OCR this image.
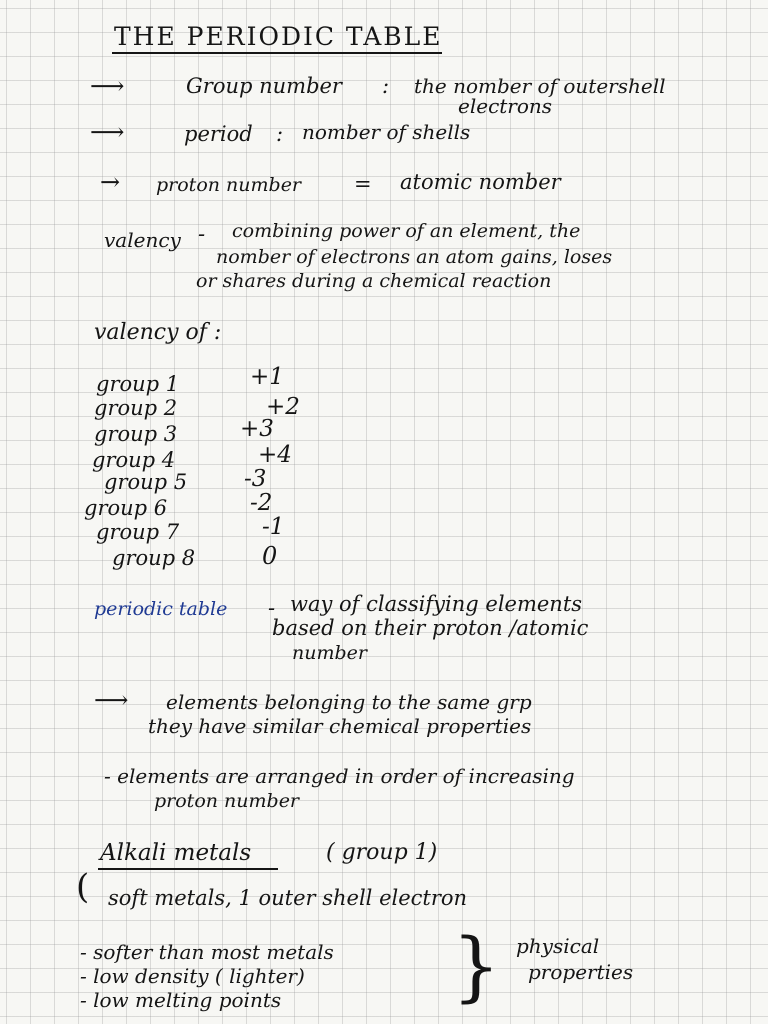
THE PERIODIC TABLE
⟶	Group number : the nomber of outershell
electrons
⟶	period : nomber of shells
→ proton number	= atomic nomber
valency - combining power of an element, the
nomber of electrons an atom gains, loses
or shares during a chemical reaction
valency of :
group 1	+1
group 2	+2
group 3	+3
group 4	+4
group 5 -3
group 6	-2
group 7	-1
group 8	0
periodic table - way of classifying elements
based on their proton /atomic
number
⟶ elements belonging to the same grp
they have similar chemical properties
- elements are arranged in order of increasing
proton number
Alkali metals	( group 1)
( soft metals, 1 outer shell electron
- softer than most metals
- low density ( lighter)
- low melting points } physical
properties
